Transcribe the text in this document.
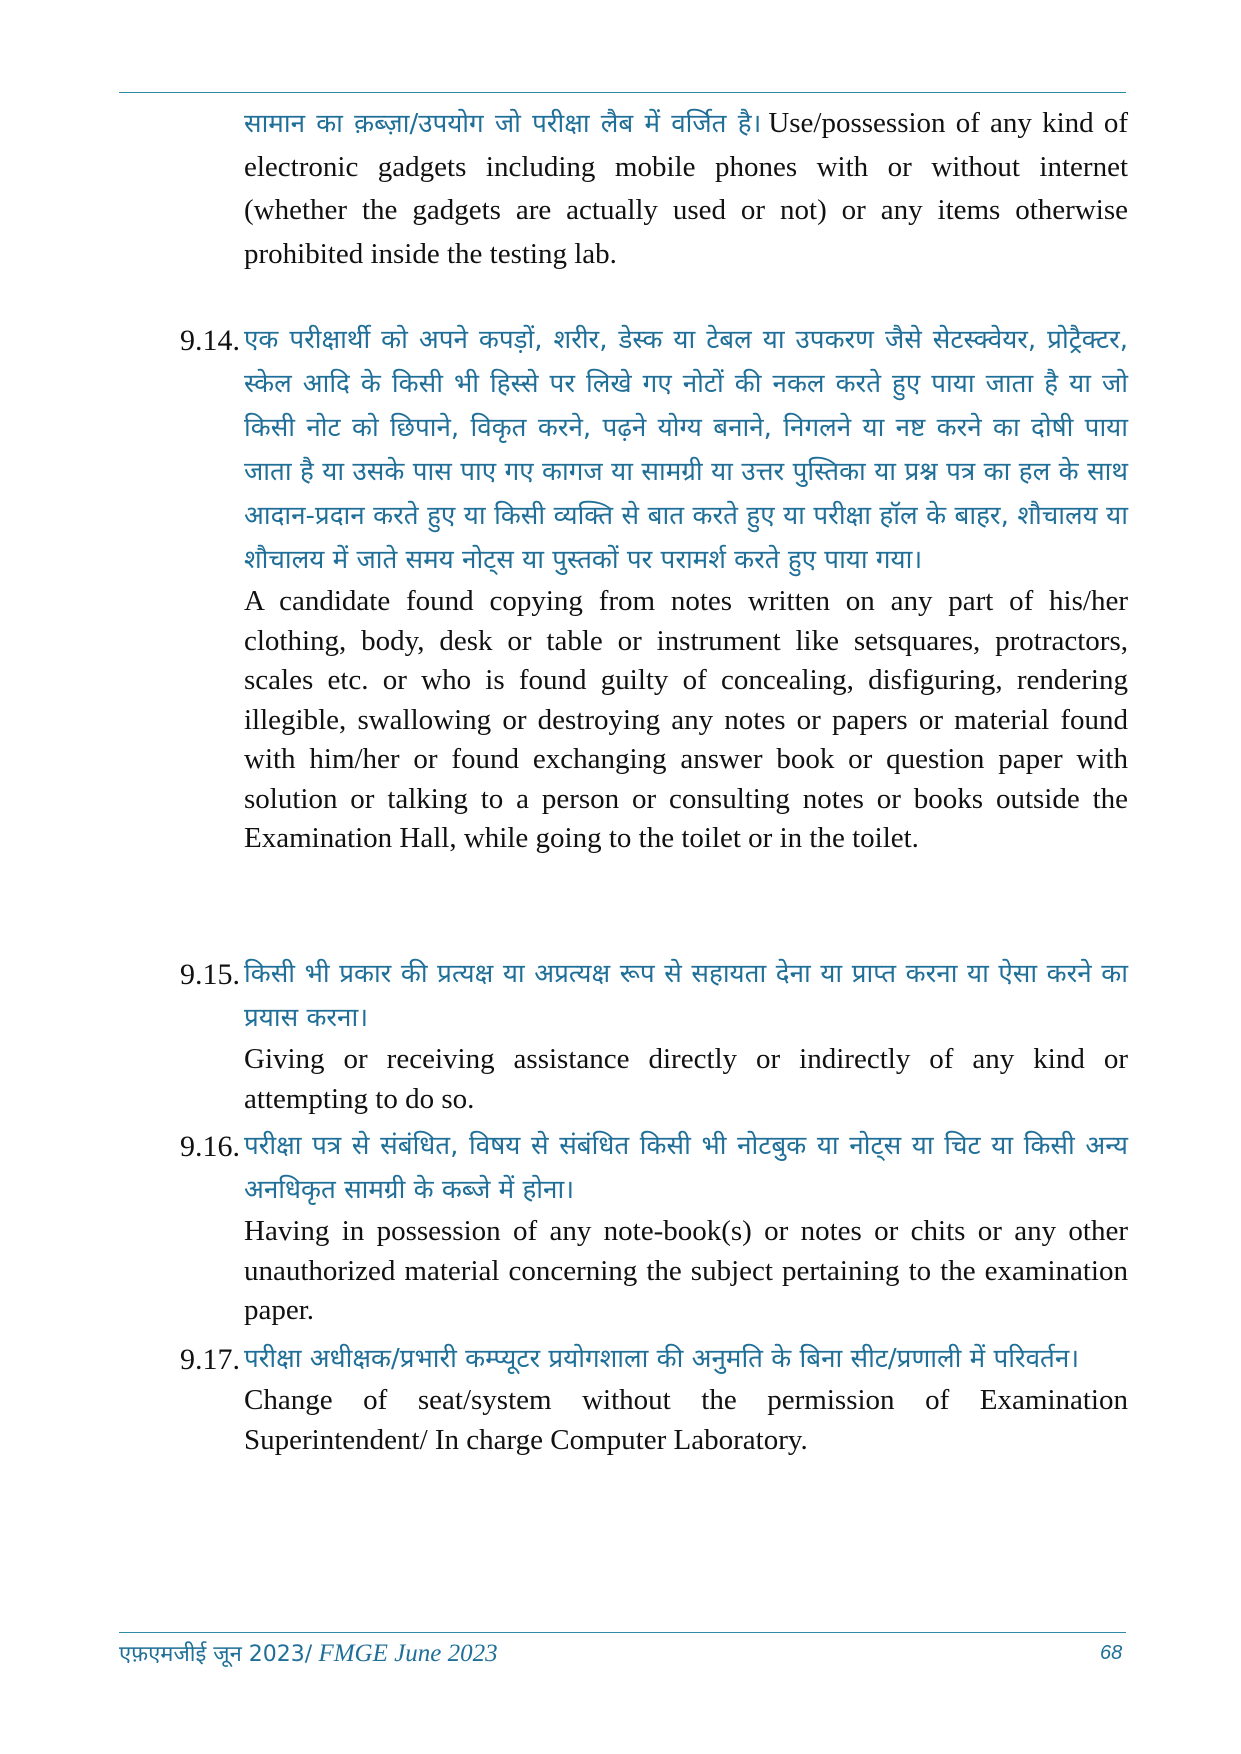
सामान का क़ब्ज़ा/उपयोग जो परीक्षा लैब में वर्जित है। Use/possession of any kind of electronic gadgets including mobile phones with or without internet (whether the gadgets are actually used or not) or any items otherwise prohibited inside the testing lab.
9.14. एक परीक्षार्थी को अपने कपड़ों, शरीर, डेस्क या टेबल या उपकरण जैसे सेटस्क्वेयर, प्रोट्रैक्टर, स्केल आदि के किसी भी हिस्से पर लिखे गए नोटों की नकल करते हुए पाया जाता है या जो किसी नोट को छिपाने, विकृत करने, पढ़ने योग्य बनाने, निगलने या नष्ट करने का दोषी पाया जाता है या उसके पास पाए गए कागज या सामग्री या उत्तर पुस्तिका या प्रश्न पत्र का हल के साथ आदान-प्रदान करते हुए या किसी व्यक्ति से बात करते हुए या परीक्षा हॉल के बाहर, शौचालय या शौचालय में जाते समय नोट्स या पुस्तकों पर परामर्श करते हुए पाया गया।
A candidate found copying from notes written on any part of his/her clothing, body, desk or table or instrument like setsquares, protractors, scales etc. or who is found guilty of concealing, disfiguring, rendering illegible, swallowing or destroying any notes or papers or material found with him/her or found exchanging answer book or question paper with solution or talking to a person or consulting notes or books outside the Examination Hall, while going to the toilet or in the toilet.
9.15. किसी भी प्रकार की प्रत्यक्ष या अप्रत्यक्ष रूप से सहायता देना या प्राप्त करना या ऐसा करने का प्रयास करना।
Giving or receiving assistance directly or indirectly of any kind or attempting to do so.
9.16. परीक्षा पत्र से संबंधित, विषय से संबंधित किसी भी नोटबुक या नोट्स या चिट या किसी अन्य अनधिकृत सामग्री के कब्जे में होना।
Having in possession of any note-book(s) or notes or chits or any other unauthorized material concerning the subject pertaining to the examination paper.
9.17. परीक्षा अधीक्षक/प्रभारी कम्प्यूटर प्रयोगशाला की अनुमति के बिना सीट/प्रणाली में परिवर्तन।
Change of seat/system without the permission of Examination Superintendent/ In charge Computer Laboratory.
एफ़एमजीई जून 2023/ FMGE June 2023	68
